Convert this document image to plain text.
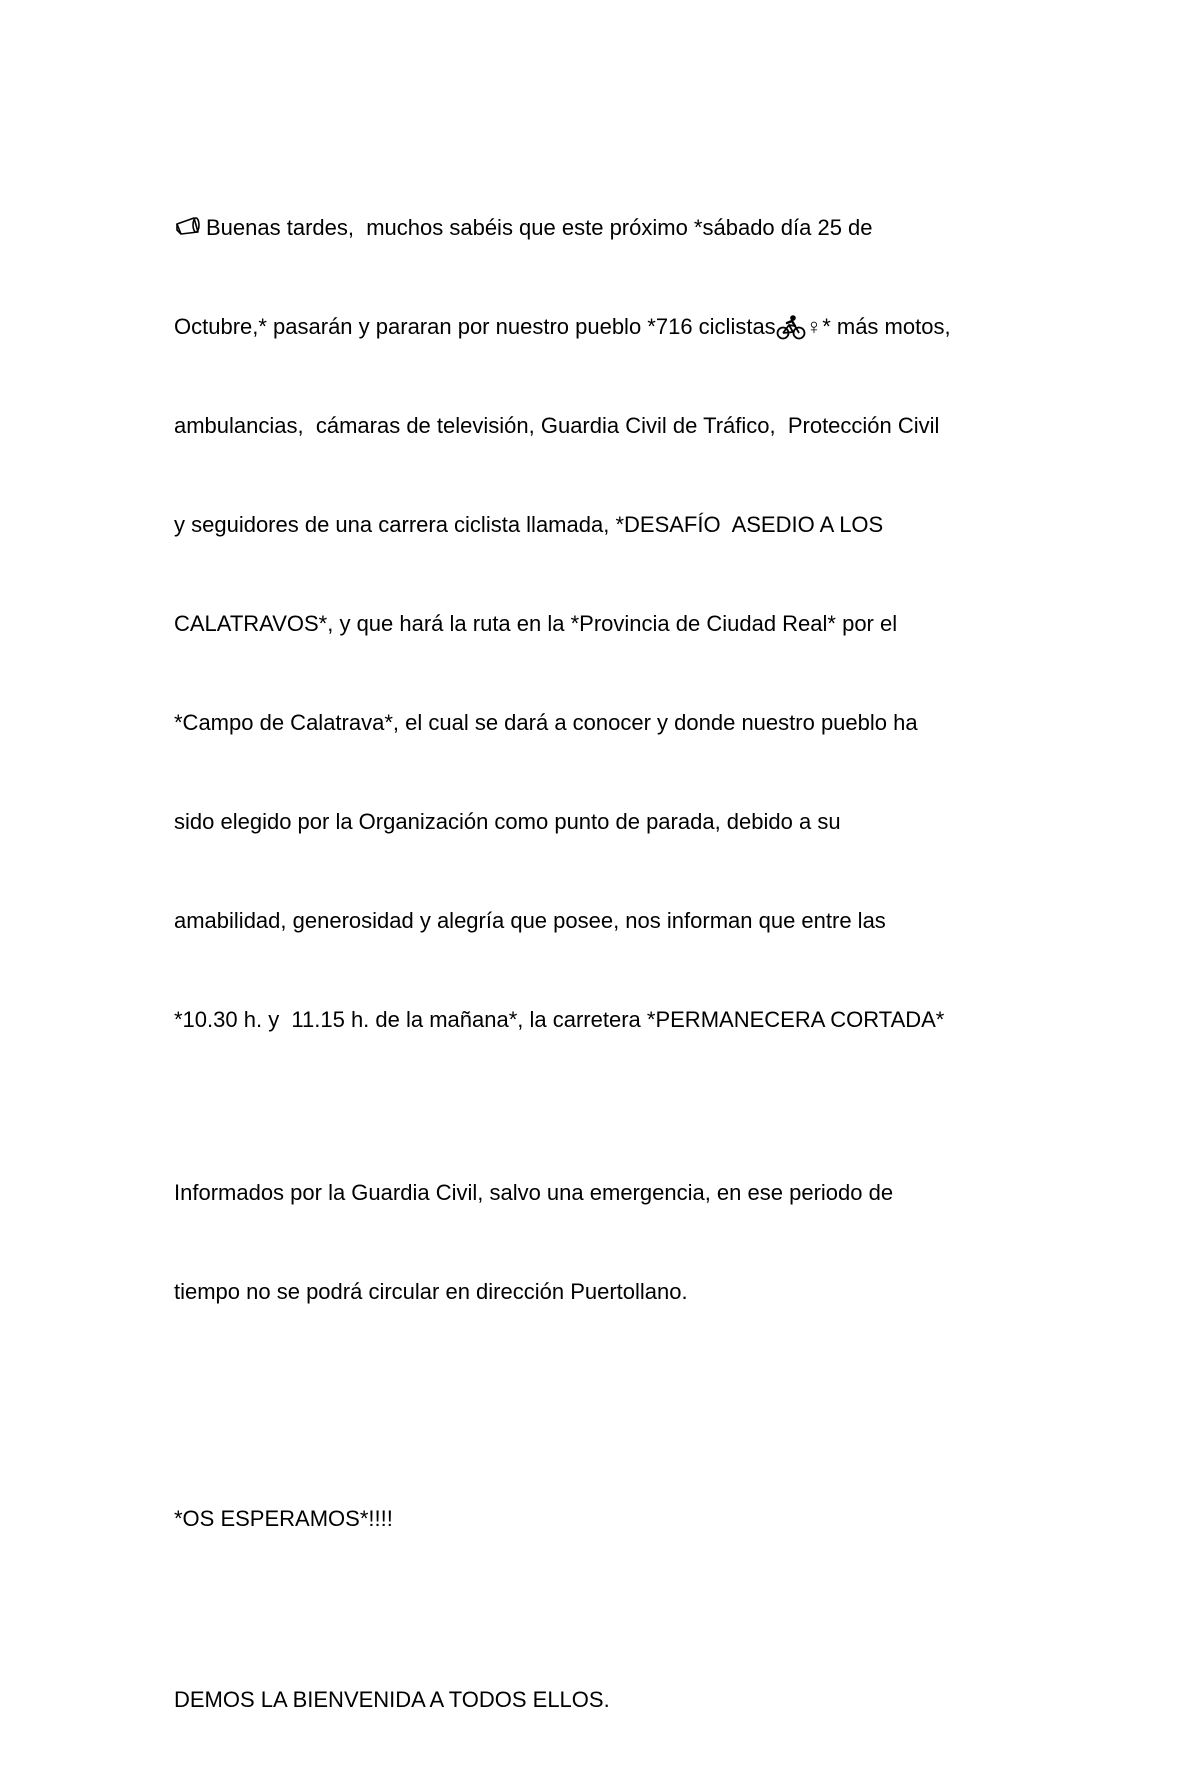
Buenas tardes,  muchos sabéis que este próximo *sábado día 25 de

Octubre,* pasarán y pararan por nuestro pueblo *716 ciclistas ♀* más motos,

ambulancias,  cámaras de televisión, Guardia Civil de Tráfico,  Protección Civil

y seguidores de una carrera ciclista llamada, *DESAFÍO  ASEDIO A LOS

CALATRAVOS*, y que hará la ruta en la *Provincia de Ciudad Real* por el

*Campo de Calatrava*, el cual se dará a conocer y donde nuestro pueblo ha

sido elegido por la Organización como punto de parada, debido a su

amabilidad, generosidad y alegría que posee, nos informan que entre las

*10.30 h. y  11.15 h. de la mañana*, la carretera *PERMANECERA CORTADA*

Informados por la Guardia Civil, salvo una emergencia, en ese periodo de

tiempo no se podrá circular en dirección Puertollano.

*OS ESPERAMOS*!!!!

DEMOS LA BIENVENIDA A TODOS ELLOS.
